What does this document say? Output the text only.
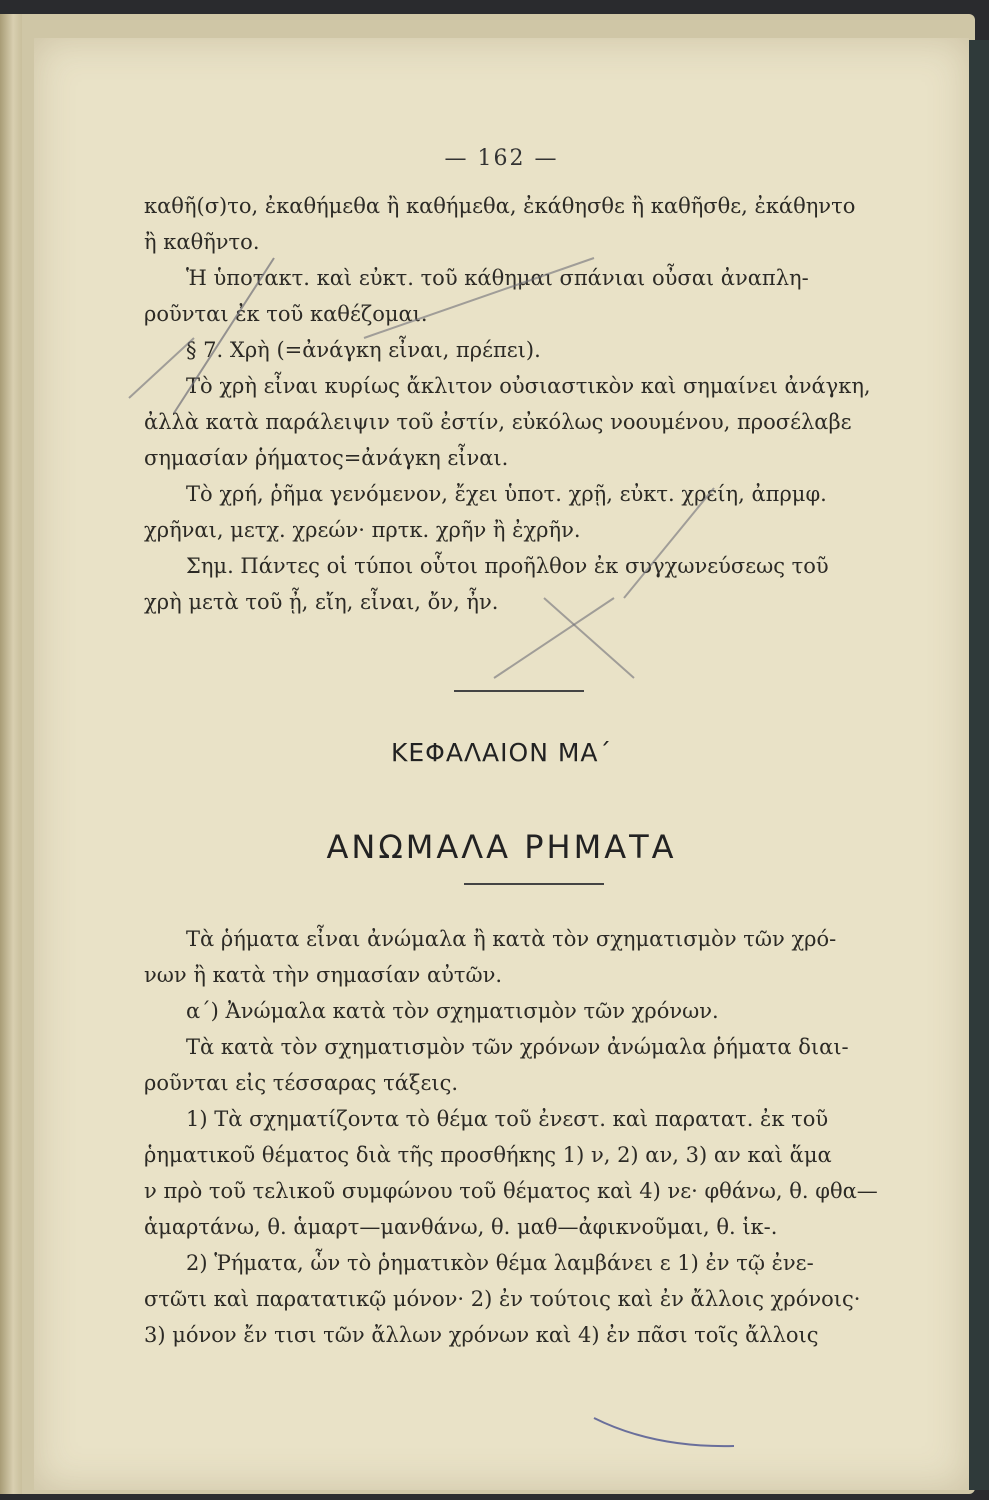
— 162 —
καθῆ(σ)το, ἐκαθήμεθα ἢ καθήμεθα, ἐκάθησθε ἢ καθῆσθε, ἐκάθηντο
ἢ καθῆντο.
Ἡ ὑποτακτ. καὶ εὐκτ. τοῦ κάθημαι σπάνιαι οὖσαι ἀναπλη-
ροῦνται ἐκ τοῦ καθέζομαι.
§ 7. Χρὴ (=ἀνάγκη εἶναι, πρέπει).
Τὸ χρὴ εἶναι κυρίως ἄκλιτον οὐσιαστικὸν καὶ σημαίνει ἀνάγκη,
ἀλλὰ κατὰ παράλειψιν τοῦ ἐστίν, εὐκόλως νοουμένου, προσέλαβε
σημασίαν ῥήματος=ἀνάγκη εἶναι.
Τὸ χρή, ῥῆμα γενόμενον, ἔχει ὑποτ. χρῇ, εὐκτ. χρείη, ἀπρμφ.
χρῆναι, μετχ. χρεών· πρτκ. χρῆν ἢ ἐχρῆν.
Σημ. Πάντες οἱ τύποι οὗτοι προῆλθον ἐκ συγχωνεύσεως τοῦ
χρὴ μετὰ τοῦ ᾖ, εἴη, εἶναι, ὄν, ἦν.
ΚΕΦΑΛΑΙΟΝ ΜΑ΄
ΑΝΩΜΑΛΑ ΡΗΜΑΤΑ
Τὰ ῥήματα εἶναι ἀνώμαλα ἢ κατὰ τὸν σχηματισμὸν τῶν χρό-
νων ἢ κατὰ τὴν σημασίαν αὐτῶν.
α΄) Ἀνώμαλα κατὰ τὸν σχηματισμὸν τῶν χρόνων.
Τὰ κατὰ τὸν σχηματισμὸν τῶν χρόνων ἀνώμαλα ῥήματα διαι-
ροῦνται εἰς τέσσαρας τάξεις.
1) Τὰ σχηματίζοντα τὸ θέμα τοῦ ἐνεστ. καὶ παρατατ. ἐκ τοῦ
ῥηματικοῦ θέματος διὰ τῆς προσθήκης 1) ν, 2) αν, 3) αν καὶ ἅμα
ν πρὸ τοῦ τελικοῦ συμφώνου τοῦ θέματος καὶ 4) νε· φθάνω, θ. φθα—
ἁμαρτάνω, θ. ἁμαρτ—μανθάνω, θ. μαθ—ἀφικνοῦμαι, θ. ἱκ-.
2) Ῥήματα, ὧν τὸ ῥηματικὸν θέμα λαμβάνει ε 1) ἐν τῷ ἐνε-
στῶτι καὶ παρατατικῷ μόνον· 2) ἐν τούτοις καὶ ἐν ἄλλοις χρόνοις·
3) μόνον ἔν τισι τῶν ἄλλων χρόνων καὶ 4) ἐν πᾶσι τοῖς ἄλλοις
